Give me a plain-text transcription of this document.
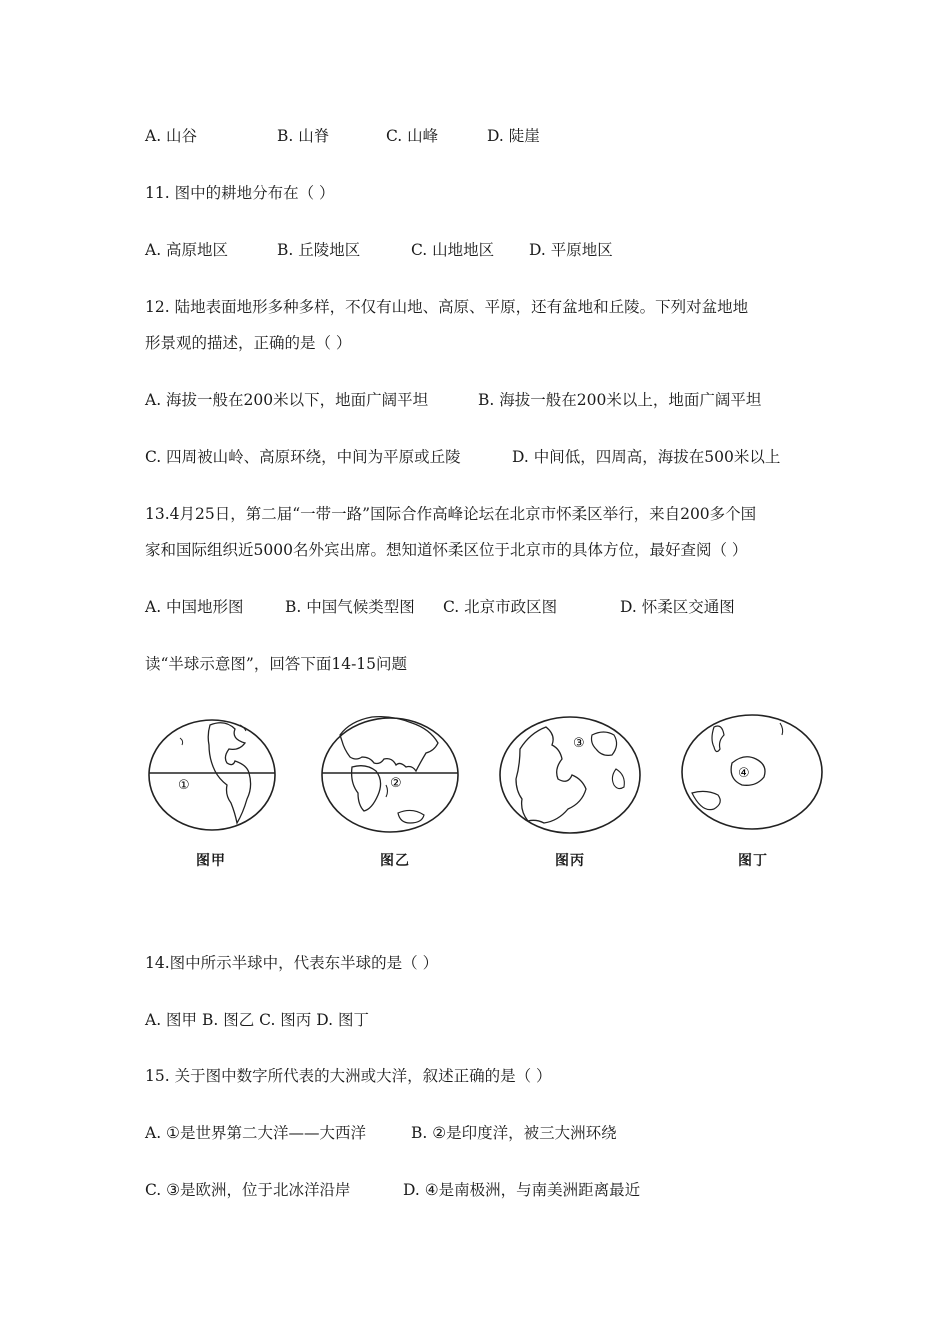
A. 山谷	B. 山脊	C. 山峰	D. 陡崖
11. 图中的耕地分布在（ ）
A. 高原地区	B. 丘陵地区	C. 山地地区 D. 平原地区
12. 陆地表面地形多种多样，不仅有山地、高原、平原，还有盆地和丘陵。下列对盆地地
形景观的描述，正确的是（ ）
A. 海拔一般在200米以下，地面广阔平坦	B. 海拔一般在200米以上，地面广阔平坦
C. 四周被山岭、高原环绕，中间为平原或丘陵	D. 中间低，四周高，海拔在500米以上
13.4月25日，第二届“一带一路”国际合作高峰论坛在北京市怀柔区举行，来自200多个国
家和国际组织近5000名外宾出席。想知道怀柔区位于北京市的具体方位，最好查阅（ ）
A. 中国地形图	B. 中国气候类型图 C. 北京市政区图	D. 怀柔区交通图
读“半球示意图”，回答下面14-15问题
①	②
③
④
图甲	图乙	图丙	图丁
14.图中所示半球中，代表东半球的是（ ）
A. 图甲 B. 图乙 C. 图丙 D. 图丁
15. 关于图中数字所代表的大洲或大洋，叙述正确的是（ ）
A. ①是世界第二大洋——大西洋	B. ②是印度洋，被三大洲环绕
C. ③是欧洲，位于北冰洋沿岸	D. ④是南极洲，与南美洲距离最近
